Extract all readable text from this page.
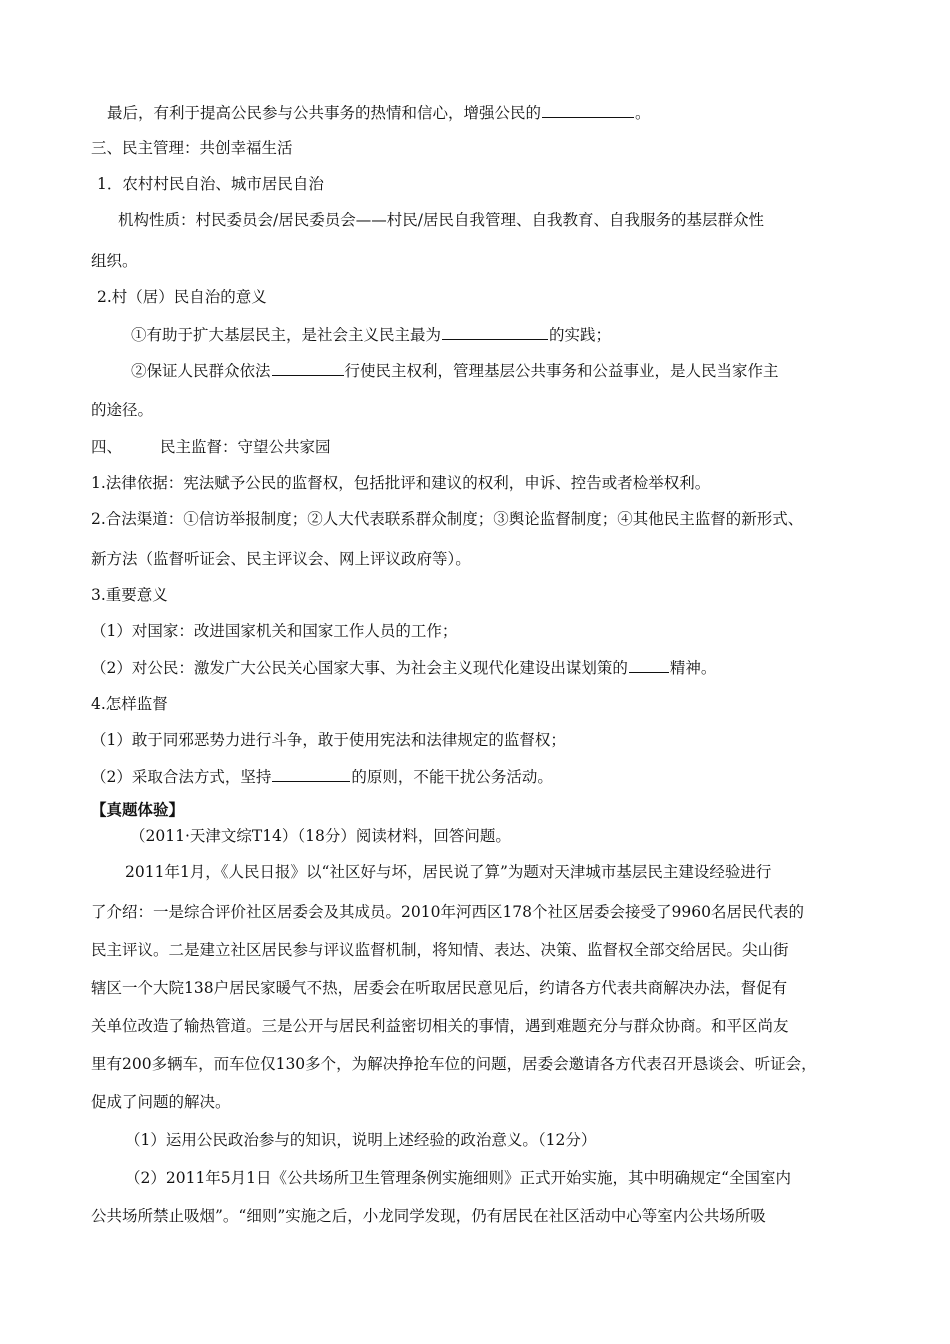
最后，有利于提高公民参与公共事务的热情和信心，增强公民的	。
三、民主管理：共创幸福生活
1．农村村民自治、城市居民自治
机构性质：村民委员会/居民委员会——村民/居民自我管理、自我教育、自我服务的基层群众性
组织。
2.村（居）民自治的意义
①有助于扩大基层民主，是社会主义民主最为	的实践；
②保证人民群众依法	行使民主权利，管理基层公共事务和公益事业，是人民当家作主
的途径。
四、 民主监督：守望公共家园
1.法律依据：宪法赋予公民的监督权，包括批评和建议的权利，申诉、控告或者检举权利。
2.合法渠道：①信访举报制度；②人大代表联系群众制度；③舆论监督制度；④其他民主监督的新形式、
新方法（监督听证会、民主评议会、网上评议政府等）。
3.重要意义
（1）对国家：改进国家机关和国家工作人员的工作；
（2）对公民：激发广大公民关心国家大事、为社会主义现代化建设出谋划策的	精神。
4.怎样监督
（1）敢于同邪恶势力进行斗争，敢于使用宪法和法律规定的监督权；
（2）采取合法方式，坚持	的原则，不能干扰公务活动。
【真题体验】
（2011·天津文综T14）（18分）阅读材料，回答问题。
2011年1月，《人民日报》以“社区好与坏，居民说了算”为题对天津城市基层民主建设经验进行
了介绍：一是综合评价社区居委会及其成员。2010年河西区178个社区居委会接受了9960名居民代表的
民主评议。二是建立社区居民参与评议监督机制，将知情、表达、决策、监督权全部交给居民。尖山街
辖区一个大院138户居民家暖气不热，居委会在听取居民意见后，约请各方代表共商解决办法，督促有
关单位改造了输热管道。三是公开与居民利益密切相关的事情，遇到难题充分与群众协商。和平区尚友
里有200多辆车，而车位仅130多个，为解决挣抢车位的问题，居委会邀请各方代表召开恳谈会、听证会，
促成了问题的解决。
（1）运用公民政治参与的知识，说明上述经验的政治意义。（12分）
（2）2011年5月1日《公共场所卫生管理条例实施细则》正式开始实施，其中明确规定“全国室内
公共场所禁止吸烟”。“细则”实施之后，小龙同学发现，仍有居民在社区活动中心等室内公共场所吸
